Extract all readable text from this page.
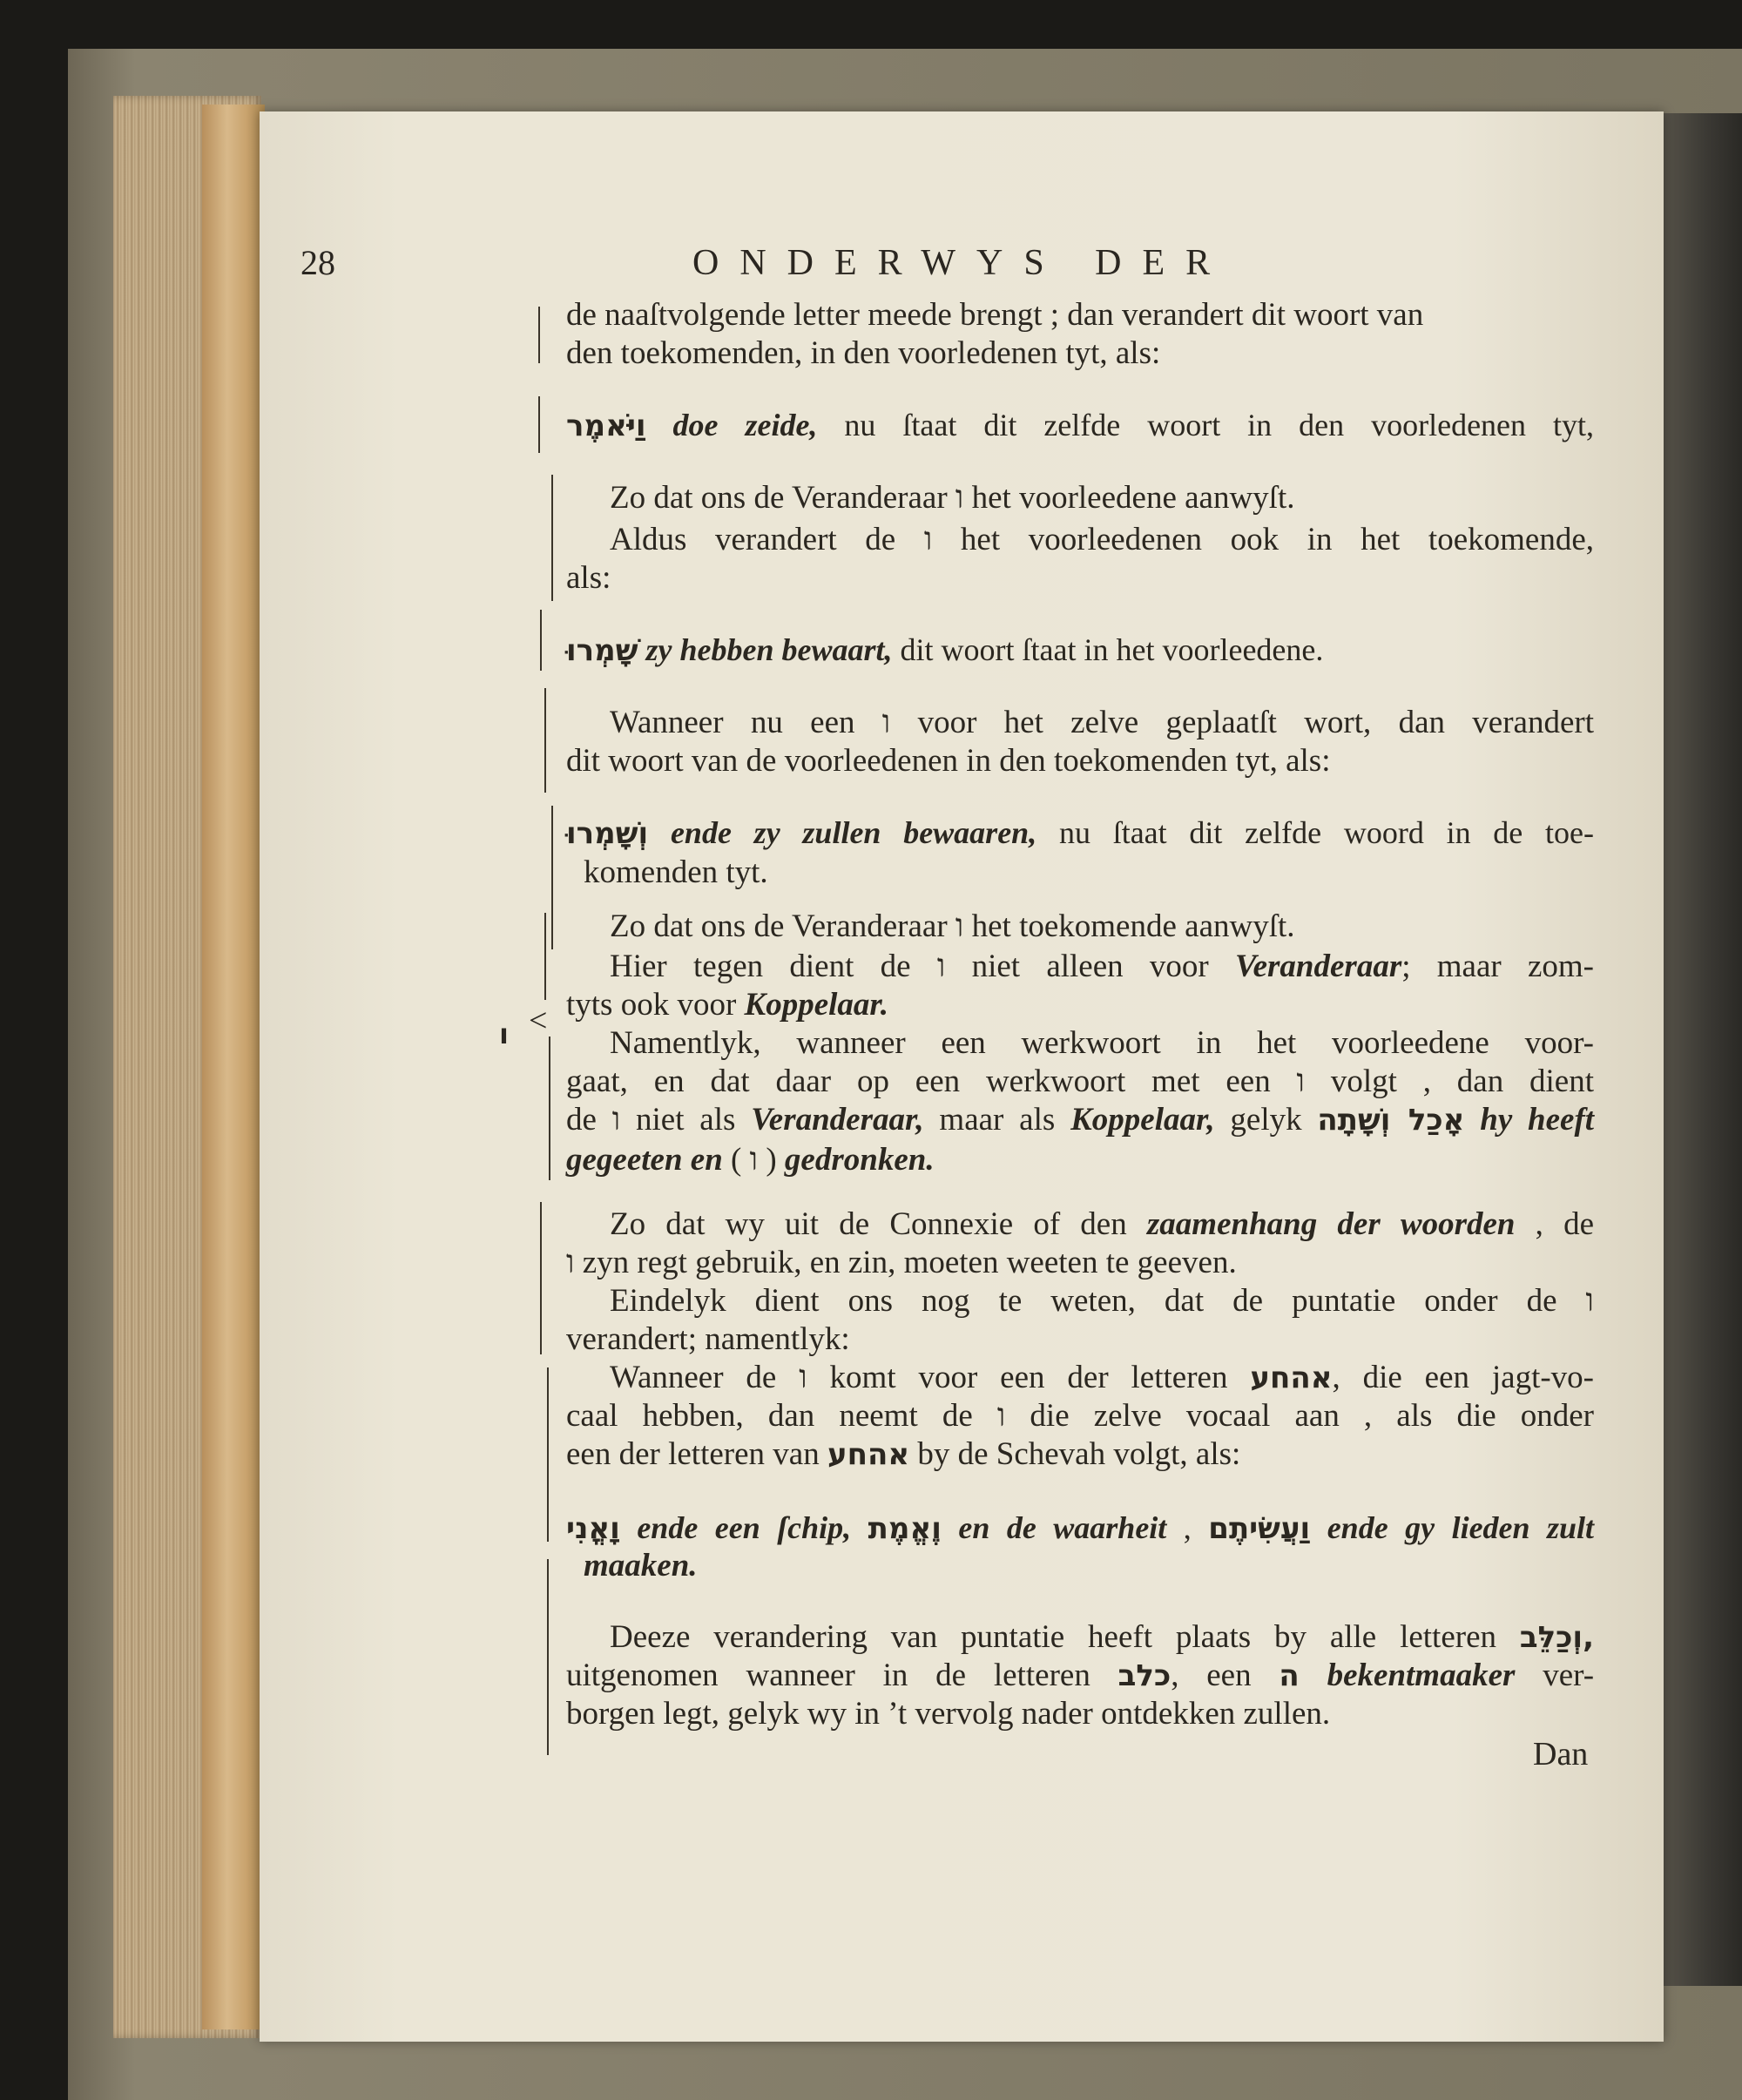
28	ONDERWYS DER
<
ו
de naaſtvolgende letter meede brengt ; dan verandert dit woort van
den toekomenden, in den voorledenen tyt, als:
וַיֹּאמֶר doe zeide, nu ſtaat dit zelfde woort in den voorledenen tyt,
Zo dat ons de Veranderaar ו het voorleedene aanwyſt.
Aldus verandert de ו het voorleedenen ook in het toekomende,
als:
שָׁמְרוּ zy hebben bewaart, dit woort ſtaat in het voorleedene.
Wanneer nu een ו voor het zelve geplaatſt wort, dan verandert
dit woort van de voorleedenen in den toekomenden tyt, als:
וְשָׁמְרוּ ende zy zullen bewaaren, nu ſtaat dit zelfde woord in de toe-
komenden tyt.
Zo dat ons de Veranderaar ו het toekomende aanwyſt.
Hier tegen dient de ו niet alleen voor Veranderaar; maar zom-
tyts ook voor Koppelaar.
Namentlyk, wanneer een werkwoort in het voorleedene voor-
gaat, en dat daar op een werkwoort met een ו volgt , dan dient
de ו niet als Veranderaar, maar als Koppelaar, gelyk אָכַל וְשָׁתָה hy heeft
gegeeten en ( ו ) gedronken.
Zo dat wy uit de Connexie of den zaamenhang der woorden , de
ו zyn regt gebruik, en zin, moeten weeten te geeven.
Eindelyk dient ons nog te weten, dat de puntatie onder de ו
verandert; namentlyk:
Wanneer de ו komt voor een der letteren אהחע, die een jagt-vo-
caal hebben, dan neemt de ו die zelve vocaal aan , als die onder
een der letteren van אהחע by de Schevah volgt, als:
וָאֳנִי ende een ſchip, וֶאֱמֶת en de waarheit , וַעֲשִׂיתֶם ende gy lieden zult
maaken.
Deeze verandering van puntatie heeft plaats by alle letteren וְכַלֵּב,
uitgenomen wanneer in de letteren כלב, een ה bekentmaaker ver-
borgen legt, gelyk wy in ’t vervolg nader ontdekken zullen.
Dan
